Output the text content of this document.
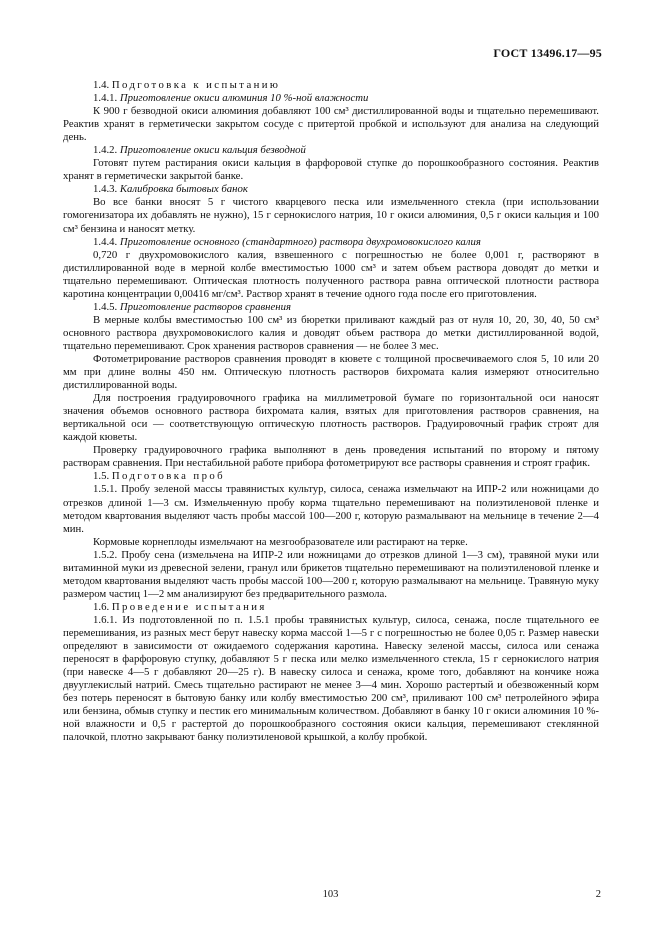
ГОСТ 13496.17—95

1.4. Подготовка к испытанию

1.4.1. Приготовление окиси алюминия 10 %-ной влажности

К 900 г безводной окиси алюминия добавляют 100 см³ дистиллированной воды и тщательно перемешивают. Реактив хранят в герметически закрытом сосуде с притертой пробкой и используют для анализа на следующий день.

1.4.2. Приготовление окиси кальция безводной

Готовят путем растирания окиси кальция в фарфоровой ступке до порошкообразного состояния. Реактив хранят в герметически закрытой банке.

1.4.3. Калибровка бытовых банок

Во все банки вносят 5 г чистого кварцевого песка или измельченного стекла (при использовании гомогенизатора их добавлять не нужно), 15 г сернокислого натрия, 10 г окиси алюминия, 0,5 г окиси кальция и 100 см³ бензина и наносят метку.

1.4.4. Приготовление основного (стандартного) раствора двухромовокислого калия

0,720 г двухромовокислого калия, взвешенного с погрешностью не более 0,001 г, растворяют в дистиллированной воде в мерной колбе вместимостью 1000 см³ и затем объем раствора доводят до метки и тщательно перемешивают. Оптическая плотность полученного раствора равна оптической плотности раствора каротина концентрации 0,00416 мг/см³. Раствор хранят в течение одного года после его приготовления.

1.4.5. Приготовление растворов сравнения

В мерные колбы вместимостью 100 см³ из бюретки приливают каждый раз от нуля 10, 20, 30, 40, 50 см³ основного раствора двухромовокислого калия и доводят объем раствора до метки дистиллированной водой, тщательно перемешивают. Срок хранения растворов сравнения — не более 3 мес.

Фотометрирование растворов сравнения проводят в кювете с толщиной просвечиваемого слоя 5, 10 или 20 мм при длине волны 450 нм. Оптическую плотность растворов бихромата калия измеряют относительно дистиллированной воды.

Для построения градуировочного графика на миллиметровой бумаге по горизонтальной оси наносят значения объемов основного раствора бихромата калия, взятых для приготовления растворов сравнения, на вертикальной оси — соответствующую оптическую плотность растворов. Градуировочный график строят для каждой кюветы.

Проверку градуировочного графика выполняют в день проведения испытаний по второму и пятому растворам сравнения. При нестабильной работе прибора фотометрируют все растворы сравнения и строят график.

1.5. Подготовка проб

1.5.1. Пробу зеленой массы травянистых культур, силоса, сенажа измельчают на ИПР-2 или ножницами до отрезков длиной 1—3 см. Измельченную пробу корма тщательно перемешивают на полиэтиленовой пленке и методом квартования выделяют часть пробы массой 100—200 г, которую размалывают на мельнице в течение 2—4 мин.

Кормовые корнеплоды измельчают на мезгообразователе или растирают на терке.

1.5.2. Пробу сена (измельчена на ИПР-2 или ножницами до отрезков длиной 1—3 см), травяной муки или витаминной муки из древесной зелени, гранул или брикетов тщательно перемешивают на полиэтиленовой пленке и методом квартования выделяют часть пробы массой 100—200 г, которую размалывают на мельнице. Травяную муку размером частиц 1—2 мм анализируют без предварительного размола.

1.6. Проведение испытания

1.6.1. Из подготовленной по п. 1.5.1 пробы травянистых культур, силоса, сенажа, после тщательного ее перемешивания, из разных мест берут навеску корма массой 1—5 г с погрешностью не более 0,05 г. Размер навески определяют в зависимости от ожидаемого содержания каротина. Навеску зеленой массы, силоса или сенажа переносят в фарфоровую ступку, добавляют 5 г песка или мелко измельченного стекла, 15 г сернокислого натрия (при навеске 4—5 г добавляют 20—25 г). В навеску силоса и сенажа, кроме того, добавляют на кончике ножа двууглекислый натрий. Смесь тщательно растирают не менее 3—4 мин. Хорошо растертый и обезвоженный корм без потерь переносят в бытовую банку или колбу вместимостью 200 см³, приливают 100 см³ петролейного эфира или бензина, обмыв ступку и пестик его минимальным количеством. Добавляют в банку 10 г окиси алюминия 10 %-ной влажности и 0,5 г растертой до порошкообразного состояния окиси кальция, перемешивают стеклянной палочкой, плотно закрывают банку полиэтиленовой крышкой, а колбу пробкой.

103	2
